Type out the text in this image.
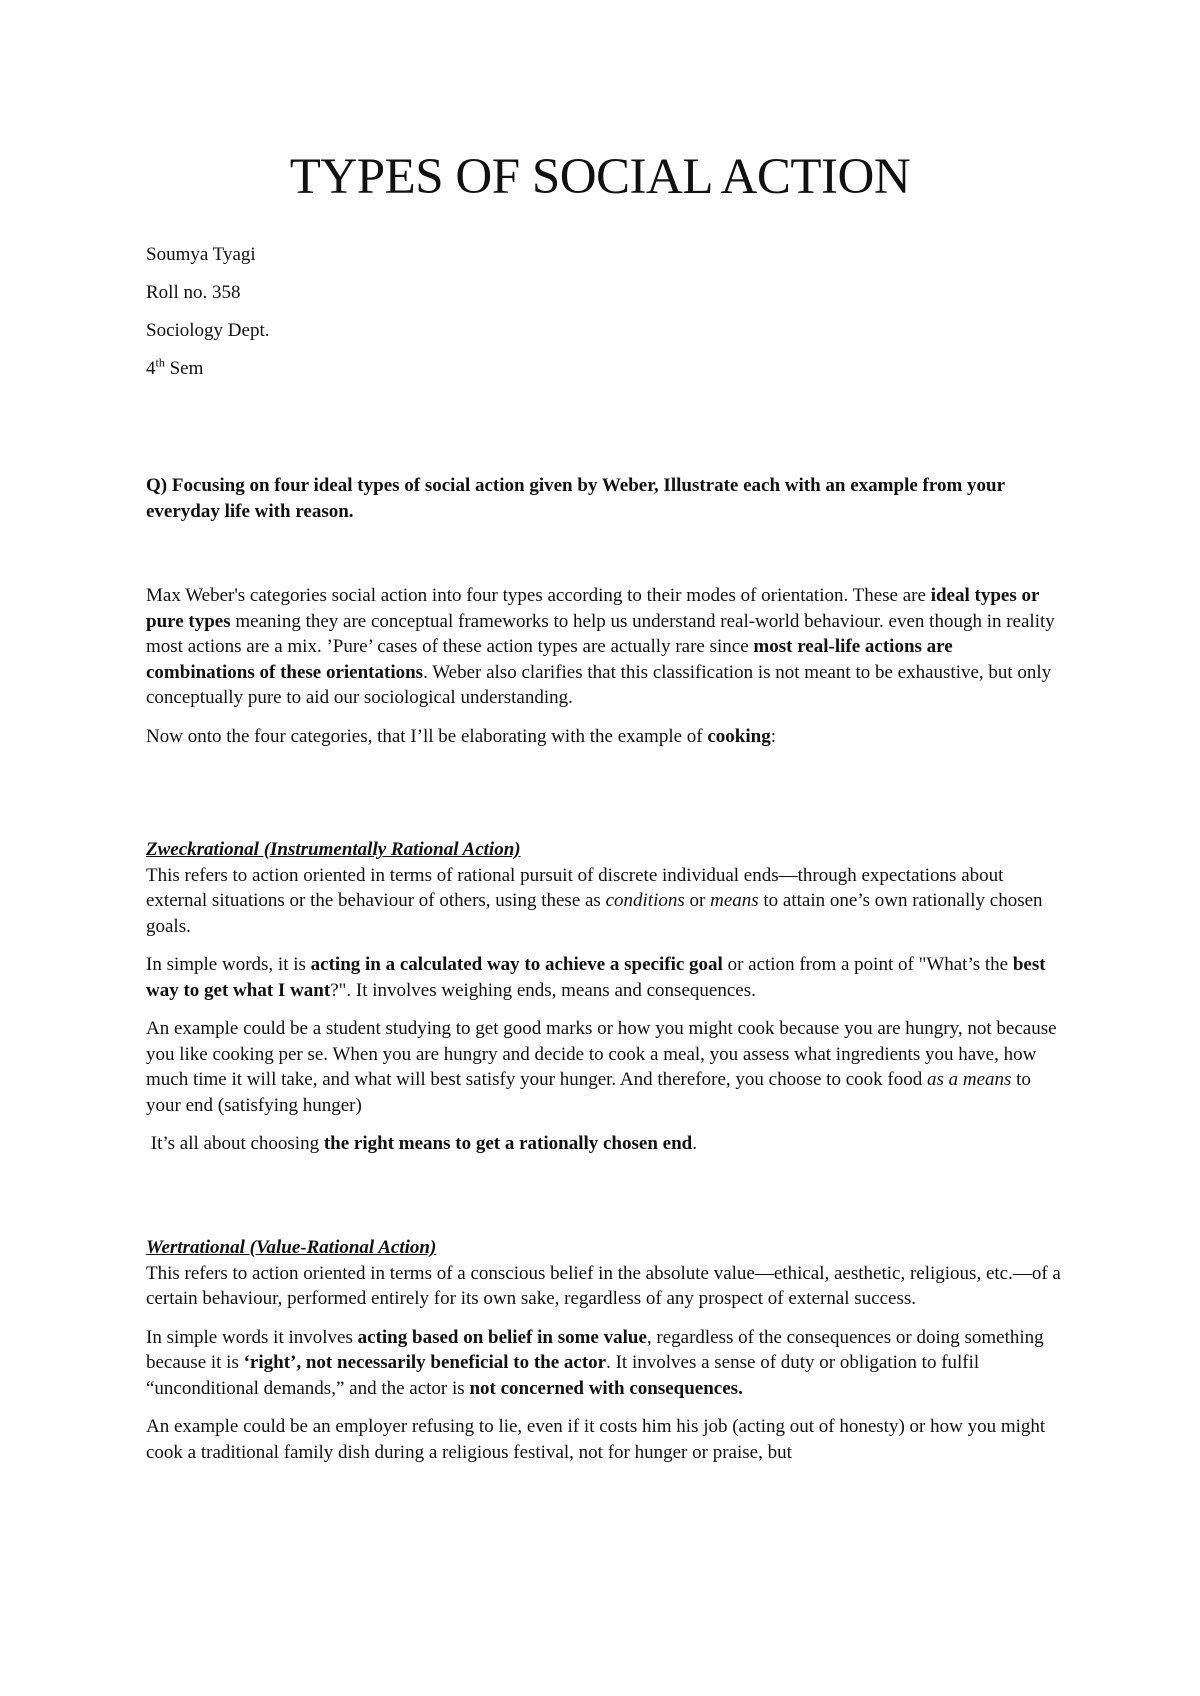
TYPES OF SOCIAL ACTION
Soumya Tyagi
Roll no. 358
Sociology Dept.
4th Sem
Q) Focusing on four ideal types of social action given by Weber, Illustrate each with an example from your everyday life with reason.

Max Weber's categories social action into four types according to their modes of orientation. These are ideal types or pure types meaning they are conceptual frameworks to help us understand real-world behaviour. even though in reality most actions are a mix. ’Pure’ cases of these action types are actually rare since most real-life actions are combinations of these orientations. Weber also clarifies that this classification is not meant to be exhaustive, but only conceptually pure to aid our sociological understanding.

Now onto the four categories, that I’ll be elaborating with the example of cooking:

Zweckrational (Instrumentally Rational Action)

This refers to action oriented in terms of rational pursuit of discrete individual ends—through expectations about external situations or the behaviour of others, using these as conditions or means to attain one’s own rationally chosen goals.

In simple words, it is acting in a calculated way to achieve a specific goal or action from a point of "What’s the best way to get what I want?". It involves weighing ends, means and consequences.

An example could be a student studying to get good marks or how you might cook because you are hungry, not because you like cooking per se. When you are hungry and decide to cook a meal, you assess what ingredients you have, how much time it will take, and what will best satisfy your hunger. And therefore, you choose to cook food as a means to your end (satisfying hunger)

It’s all about choosing the right means to get a rationally chosen end.

Wertrational (Value-Rational Action)

This refers to action oriented in terms of a conscious belief in the absolute value—ethical, aesthetic, religious, etc.—of a certain behaviour, performed entirely for its own sake, regardless of any prospect of external success.

In simple words it involves acting based on belief in some value, regardless of the consequences or doing something because it is ‘right’, not necessarily beneficial to the actor. It involves a sense of duty or obligation to fulfil “unconditional demands,” and the actor is not concerned with consequences.

An example could be an employer refusing to lie, even if it costs him his job (acting out of honesty) or how you might cook a traditional family dish during a religious festival, not for hunger or praise, but
